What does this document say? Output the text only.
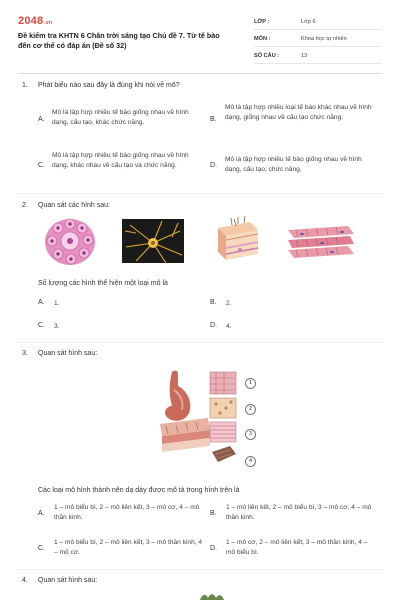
2048.vn
Đề kiểm tra KHTN 6 Chân trời sáng tạo Chủ đề 7. Từ tế bào đến cơ thể có đáp án (Đề số 32)
LỚP :	Lớp 6
MÔN :	Khoa học tự nhiên
SỐ CÂU :	13
1. Phát biểu nào sau đây là đúng khi nói về mô?
A.
Mô là tập hợp nhiều tế bào giống nhau về hình dạng, cấu tạo, khác chức năng.	B.
Mô là tập hợp nhiều loại tế bào khác nhau về hình dạng, giống nhau về cấu tạo chức năng.
C.
Mô là tập hợp nhiều tế bào giống nhau về hình dạng, khác nhau về cấu tạo và chức năng.	D.
Mô là tập hợp nhiều tế bào giống nhau về hình dạng, cấu tạo, chức năng.
2. Quan sát các hình sau:
Số lượng các hình thể hiện một loại mô là
A. 1.	B. 2.
C. 3.	D. 4.
3. Quan sát hình sau:
1
2
3
4
Các loại mô hình thành nên dạ dày được mô tả trong hình trên là
A.
1 – mô biểu bì, 2 – mô liên kết, 3 – mô cơ, 4 – mô thần kinh.
B.
1 – mô liên kết, 2 – mô biểu bì, 3 – mô cơ, 4 – mô thần kinh.
C.
1 – mô biểu bì, 2 – mô liên kết, 3 – mô thần kinh, 4 – mô cơ.
D.
1 – mô cơ, 2 – mô liên kết, 3 – mô thần kinh, 4 – mô biểu bì.
4. Quan sát hình sau:
